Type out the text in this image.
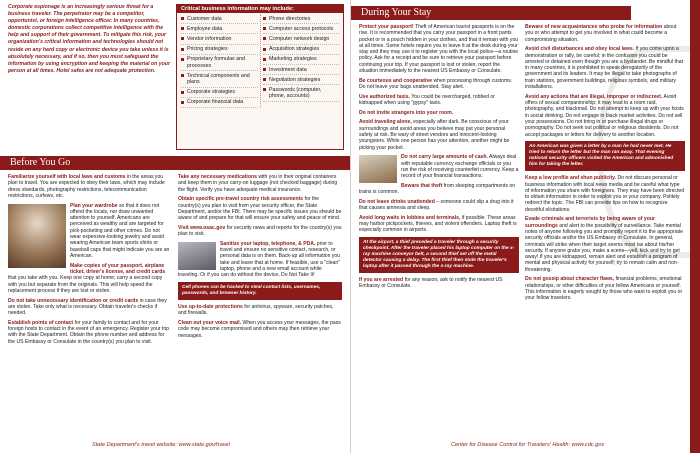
Corporate espionage is an increasingly serious threat for a business traveler. The perpetrator may be a competitor, opportunist, or foreign intelligence officer. In many countries, domestic corporations collect competitive intelligence with the help and support of their government. To mitigate this risk, your organization's critical information and technologies should not reside on any hard copy or electronic device you take unless it is absolutely necessary, and if so, then you must safeguard the information by using encryption and keeping the material on your person at all times. Hotel safes are not adequate protection.
Critical business information may include:
Customer data
Employee data
Vendor information
Pricing strategies
Proprietary formulas and processes
Technical components and plans
Corporate strategies
Corporate financial data
Phone directories
Computer access protocols
Computer network design
Acquisition strategies
Marketing strategies
Investment data
Negotiation strategies
Passwords (computer, phone, accounts)
Before You Go

Familiarize yourself with local laws and customs in the areas you plan to travel. You are expected to obey their laws, which may include dress standards, photography restrictions, telecommunication restrictions, curfews, etc.

Plan your wardrobe so that it does not offend the locals, nor draw unwanted attention to yourself. Americans are perceived as wealthy and are targeted for pick-pocketing and other crimes. Do not wear expensive-looking jewelry and avoid wearing American team sports shirts or baseball caps that might indicate you are an American.

Make copies of your passport, airplane ticket, driver's license, and credit cards that you take with you. Keep one copy at home; carry a second copy with you but separate from the originals. This will help speed the replacement process if they are lost or stolen.

Do not take unnecessary identification or credit cards in case they are stolen. Take only what is necessary. Obtain traveler's checks if needed.

Establish points of contact for your family to contact and for your foreign hosts to contact in the event of an emergency. Register your trip with the State Department. Obtain the phone number and address for the US Embassy or Consulate in the country(s) you plan to visit.

Take any necessary medications with you in their original containers and keep them in your carry-on luggage (not checked baggage) during the flight. Verify you have adequate medical insurance.

Obtain specific pre-travel country risk assessments for the country(s) you plan to visit from your security officer, the State Department, and/or the FBI. There may be specific issues you should be aware of and prepare for that will ensure your safety and peace of mind.

Visit www.osac.gov for security news and reports for the country(s) you plan to visit.

Sanitize your laptop, telephone, & PDA, prior to travel and ensure no sensitive contact, research, or personal data is on them. Back-up all information you take and leave that at home. If feasible, use a "clean" laptop, phone and a new email account while traveling. Or if you can do without the device, Do Not Take It!

Cell phones can be hacked to steal contact lists, usernames, passwords, and browser history.

Use up-to-date protections for antivirus, spyware, security patches, and firewalls.

Clean out your voice mail. When you access your messages, the pass code may become compromised and others may then retrieve your messages.

State Department's travel website: www.state.gov/travel
During Your Stay

Protect your passport! Theft of American tourist passports is on the rise. It is recommended that you carry your passport in a front pants pocket or in a pouch hidden in your clothes, and that it remain with you at all times. Some hotels require you to leave it at the desk during your stay and they may use it to register you with the local police—a routine policy. Ask for a receipt and be sure to retrieve your passport before continuing your trip. If your passport is lost or stolen, report the situation immediately to the nearest US Embassy or Consulate.

Be courteous and cooperative when processing through customs. Do not leave your bags unattended. Stay alert.

Use authorized taxis. You could be overcharged, robbed or kidnapped when using "gypsy" taxis.

Do not invite strangers into your room.

Avoid traveling alone, especially after dark. Be conscious of your surroundings and avoid areas you believe may put your personal safety at risk. Be wary of street vendors and innocent-looking youngsters. While one person has your attention, another might be picking your pocket.

Do not carry large amounts of cash. Always deal with reputable currency exchange officials or you run the risk of receiving counterfeit currency. Keep a record of your financial transactions.

Beware that theft from sleeping compartments on trains is common.

Do not leave drinks unattended – someone could slip a drug into it that causes amnesia and sleep.

Avoid long waits in lobbies and terminals, if possible. These areas may harbor pickpockets, thieves, and violent offenders. Laptop theft is especially common in airports.

At the airport, a thief preceded a traveler through a security checkpoint. After the traveler placed his laptop computer on the x-ray machine conveyor belt, a second thief set off the metal detector causing a delay. The first thief then stole the traveler's laptop after it passed through the x-ray machine.

If you are arrested for any reason, ask to notify the nearest US Embassy or Consulate.

Beware of new acquaintances who probe for information about you or who attempt to get you involved in what could become a compromising situation.

Avoid civil disturbances and obey local laws. If you come upon a demonstration or rally, be careful; in the confusion you could be arrested or detained even though you are a bystander. Be mindful that in many countries, it is prohibited to speak derogatorily of the government and its leaders. It may be illegal to take photographs of train stations, government buildings, religious symbols, and military installations.

Avoid any actions that are illegal, improper or indiscreet. Avoid offers of sexual companionship; it may lead to a room raid, photography, and blackmail. Do not attempt to keep up with your hosts in social drinking. Do not engage in black market activities. Do not sell your possessions. Do not bring in or purchase illegal drugs or pornography. Do not seek out political or religious dissidents. Do not accept packages or letters for delivery to another location.

An American was given a letter by a man he had never met. He tried to return the letter but the man ran away. That evening national security officers visited the American and admonished him for taking the letter.

Keep a low profile and shun publicity. Do not discuss personal or business information with local news media and be careful what type of information you share with foreigners. They may have been directed to obtain information in order to exploit you or your company. Politely redirect the topic. The FBI can provide tips on how to recognize deceitful elicitations.

Evade criminals and terrorists by being aware of your surroundings and alert to the possibility of surveillance. Take mental notes of anyone following you and promptly report it to the appropriate security officials and/or the US Embassy or Consulate. In general, criminals will strike when their target seems most lax about his/her security. If anyone grabs you, make a scene—yell, kick and try to get away! If you are kidnapped, remain alert and establish a program of mental and physical activity for yourself; try to remain calm and non-threatening.

Do not gossip about character flaws, financial problems, emotional relationships, or other difficulties of your fellow Americans or yourself. This information is eagerly sought by those who want to exploit you or your fellow travelers.

Center for Disease Control for Travelers' Health: www.cdc.gov
